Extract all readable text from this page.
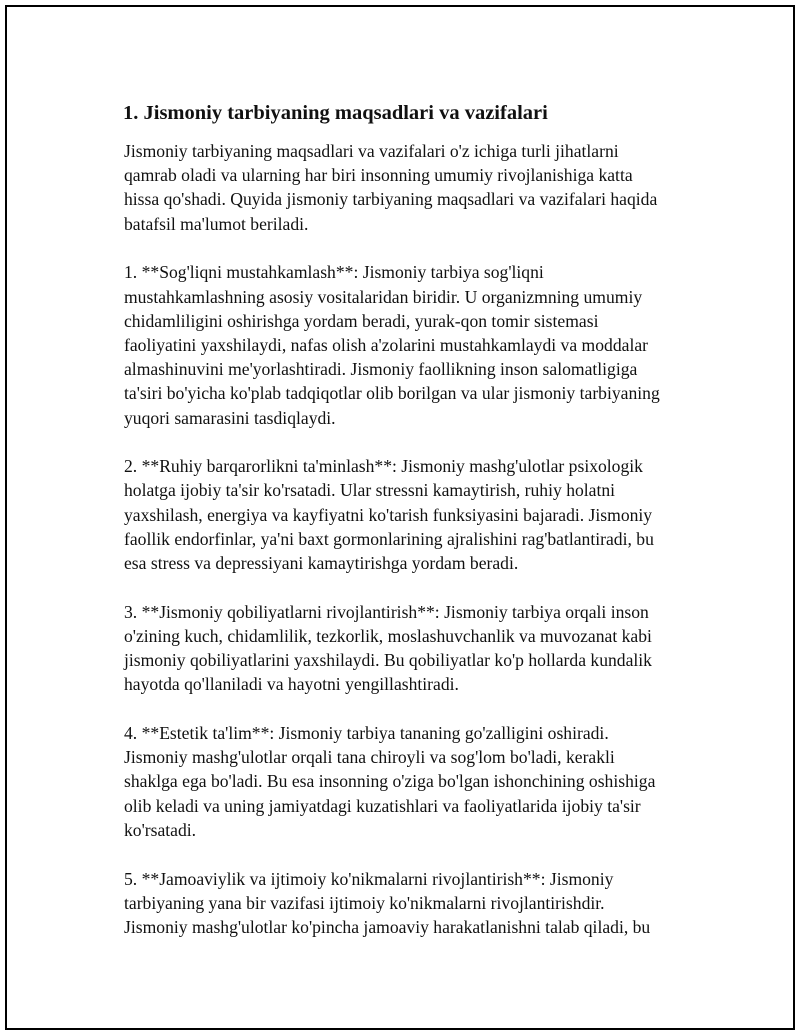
1. Jismoniy tarbiyaning maqsadlari va vazifalari

Jismoniy tarbiyaning maqsadlari va vazifalari o'z ichiga turli jihatlarni
qamrab oladi va ularning har biri insonning umumiy rivojlanishiga katta
hissa qo'shadi. Quyida jismoniy tarbiyaning maqsadlari va vazifalari haqida
batafsil ma'lumot beriladi.

1. **Sog'liqni mustahkamlash**: Jismoniy tarbiya sog'liqni
mustahkamlashning asosiy vositalaridan biridir. U organizmning umumiy
chidamliligini oshirishga yordam beradi, yurak-qon tomir sistemasi
faoliyatini yaxshilaydi, nafas olish a'zolarini mustahkamlaydi va moddalar
almashinuvini me'yorlashtiradi. Jismoniy faollikning inson salomatligiga
ta'siri bo'yicha ko'plab tadqiqotlar olib borilgan va ular jismoniy tarbiyaning
yuqori samarasini tasdiqlaydi.

2. **Ruhiy barqarorlikni ta'minlash**: Jismoniy mashg'ulotlar psixologik
holatga ijobiy ta'sir ko'rsatadi. Ular stressni kamaytirish, ruhiy holatni
yaxshilash, energiya va kayfiyatni ko'tarish funksiyasini bajaradi. Jismoniy
faollik endorfinlar, ya'ni baxt gormonlarining ajralishini rag'batlantiradi, bu
esa stress va depressiyani kamaytirishga yordam beradi.

3. **Jismoniy qobiliyatlarni rivojlantirish**: Jismoniy tarbiya orqali inson
o'zining kuch, chidamlilik, tezkorlik, moslashuvchanlik va muvozanat kabi
jismoniy qobiliyatlarini yaxshilaydi. Bu qobiliyatlar ko'p hollarda kundalik
hayotda qo'llaniladi va hayotni yengillashtiradi.

4. **Estetik ta'lim**: Jismoniy tarbiya tananing go'zalligini oshiradi.
Jismoniy mashg'ulotlar orqali tana chiroyli va sog'lom bo'ladi, kerakli
shaklga ega bo'ladi. Bu esa insonning o'ziga bo'lgan ishonchining oshishiga
olib keladi va uning jamiyatdagi kuzatishlari va faoliyatlarida ijobiy ta'sir
ko'rsatadi.

5. **Jamoaviylik va ijtimoiy ko'nikmalarni rivojlantirish**: Jismoniy
tarbiyaning yana bir vazifasi ijtimoiy ko'nikmalarni rivojlantirishdir.
Jismoniy mashg'ulotlar ko'pincha jamoaviy harakatlanishni talab qiladi, bu
